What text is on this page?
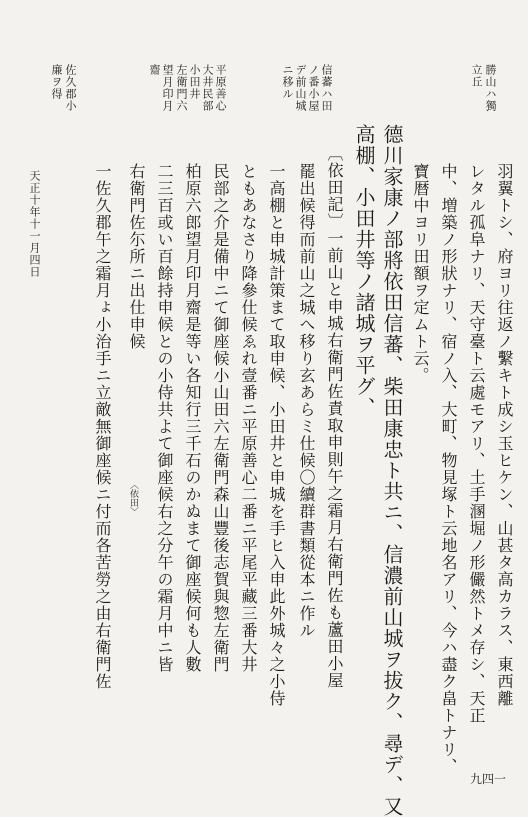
勝山ハ獨
立丘
信蕃ハ田
ノ番小屋
デ前山城
ニ移ル
平原善心
大井民部
小田井
左衛門六
望月印月
齋
佐久郡小
廉ヲ得
羽翼トシ、府ヨリ往返ノ繫キト成シ玉ヒケン、山甚タ高カラス、東西離
レタル孤阜ナリ、天守臺ト云處モアリ、土手溷堀ノ形儼然トメ存シ、天正
中、増築ノ形狀ナリ、宿ノ入、大町、物見塚ト云地名アリ、今ハ盡ク畠トナリ、
寶暦中ヨリ田額ヲ定ムト云。
德川家康ノ部將依田信蕃、柴田康忠ト共ニ、信濃前山城ヲ拔ク、尋デ、又
高棚、小田井等ノ諸城ヲ平グ、
〔依田記〕一前山と申城右衛門佐責取申則午之霜月右衛門佐も蘆田小屋
罷出候得而前山之城へ移り玄あらミ仕候〇續群書類從本ニ作ル
一高棚と申城計策まて取申候、小田井と申城を手ヒ入申此外城々之小侍
ともあなさり降參仕候ゑれ壹番ニ平原善心二番ニ平尾平藏三番大井
民部之介是備中ニて御座候小山田六左衛門森山豐後志賀與惣左衛門
柏原六郎望月印月齋是等い各知行三千石のかぬまて御座候何も人數
二三百或い百餘持申候との小侍共よて御座候右之分午の霜月中ニ皆
右衛門佐尓所ニ出仕申候
一佐久郡午之霜月ょ小治手ニ立敵無御座候ニ付而各苦勞之由右衛門佐 〈依田〉
天正十年十一月四日
九四一
